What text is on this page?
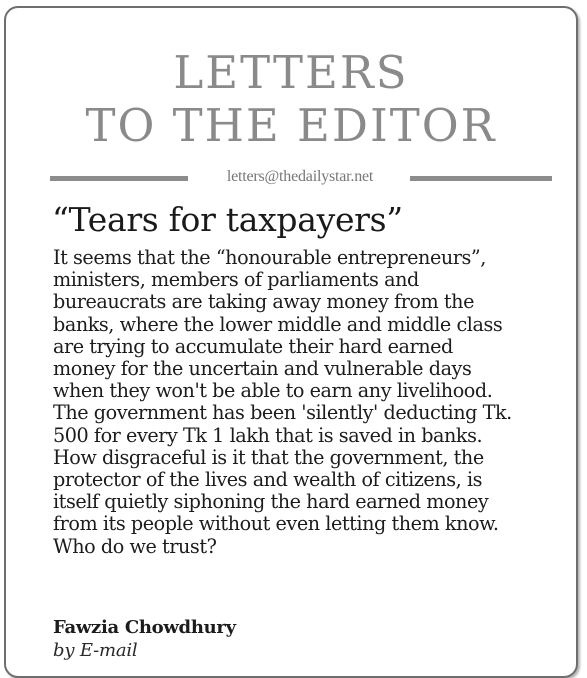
LETTERS
TO THE EDITOR
letters@thedailystar.net
“Tears for taxpayers”
It seems that the “honourable entrepreneurs”,
ministers, members of parliaments and
bureaucrats are taking away money from the
banks, where the lower middle and middle class
are trying to accumulate their hard earned
money for the uncertain and vulnerable days
when they won't be able to earn any livelihood.
The government has been 'silently' deducting Tk.
500 for every Tk 1 lakh that is saved in banks.
How disgraceful is it that the government, the
protector of the lives and wealth of citizens, is
itself quietly siphoning the hard earned money
from its people without even letting them know.
Who do we trust?
Fawzia Chowdhury
by E-mail
